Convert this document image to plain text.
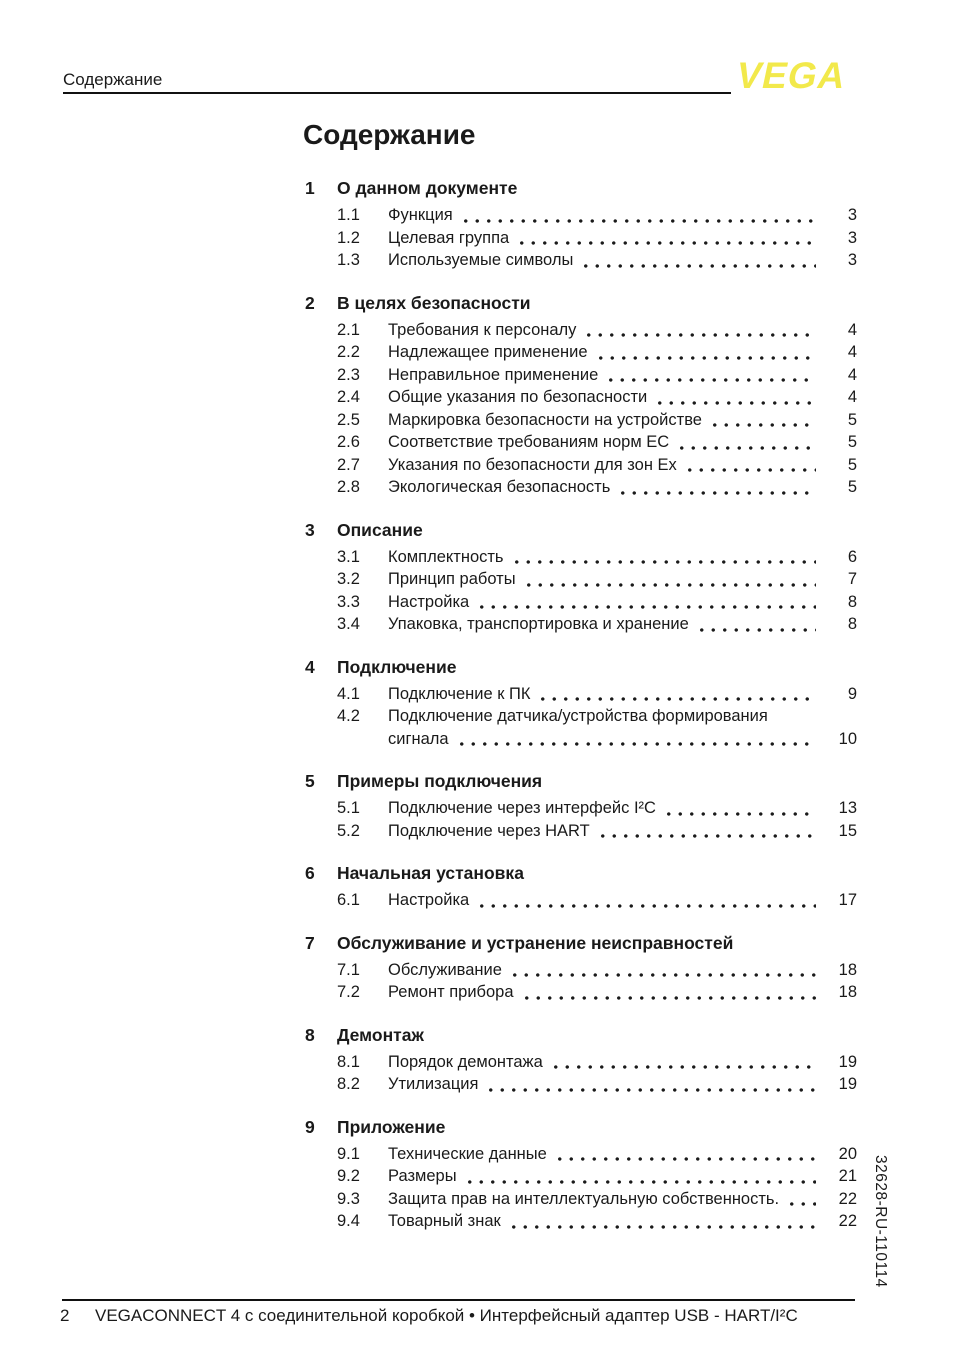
Содержание	VEGA
Содержание
1	О данном документе
1.1	Функция	3
1.2	Целевая группа	3
1.3	Используемые символы	3
2	В целях безопасности
2.1	Требования к персоналу	4
2.2	Надлежащее применение	4
2.3	Неправильное применение	4
2.4	Общие указания по безопасности	4
2.5	Маркировка безопасности на устройстве	5
2.6	Соответствие требованиям норм ЕС	5
2.7	Указания по безопасности для зон Ex	5
2.8	Экологическая безопасность	5
3	Описание
3.1	Комплектность	6
3.2	Принцип работы	7
3.3	Настройка	8
3.4	Упаковка, транспортировка и хранение	8
4	Подключение
4.1	Подключение к ПК	9
4.2	Подключение датчика/устройства формирования
сигнала	10
5	Примеры подключения
5.1	Подключение через интерфейс I²C	13
5.2	Подключение через HART	15
6	Начальная установка
6.1	Настройка	17
7	Обслуживание и устранение неисправностей
7.1	Обслуживание	18
7.2	Ремонт прибора	18
8	Демонтаж
8.1	Порядок демонтажа	19
8.2	Утилизация	19
9	Приложение
9.1	Технические данные	20
9.2	Размеры	21
9.3	Защита прав на интеллектуальную собственность.	22
9.4	Товарный знак	22 32628-RU-110114
2 VEGACONNECT 4 с соединительной коробкой • Интерфейсный адаптер USB - HART/I²C
